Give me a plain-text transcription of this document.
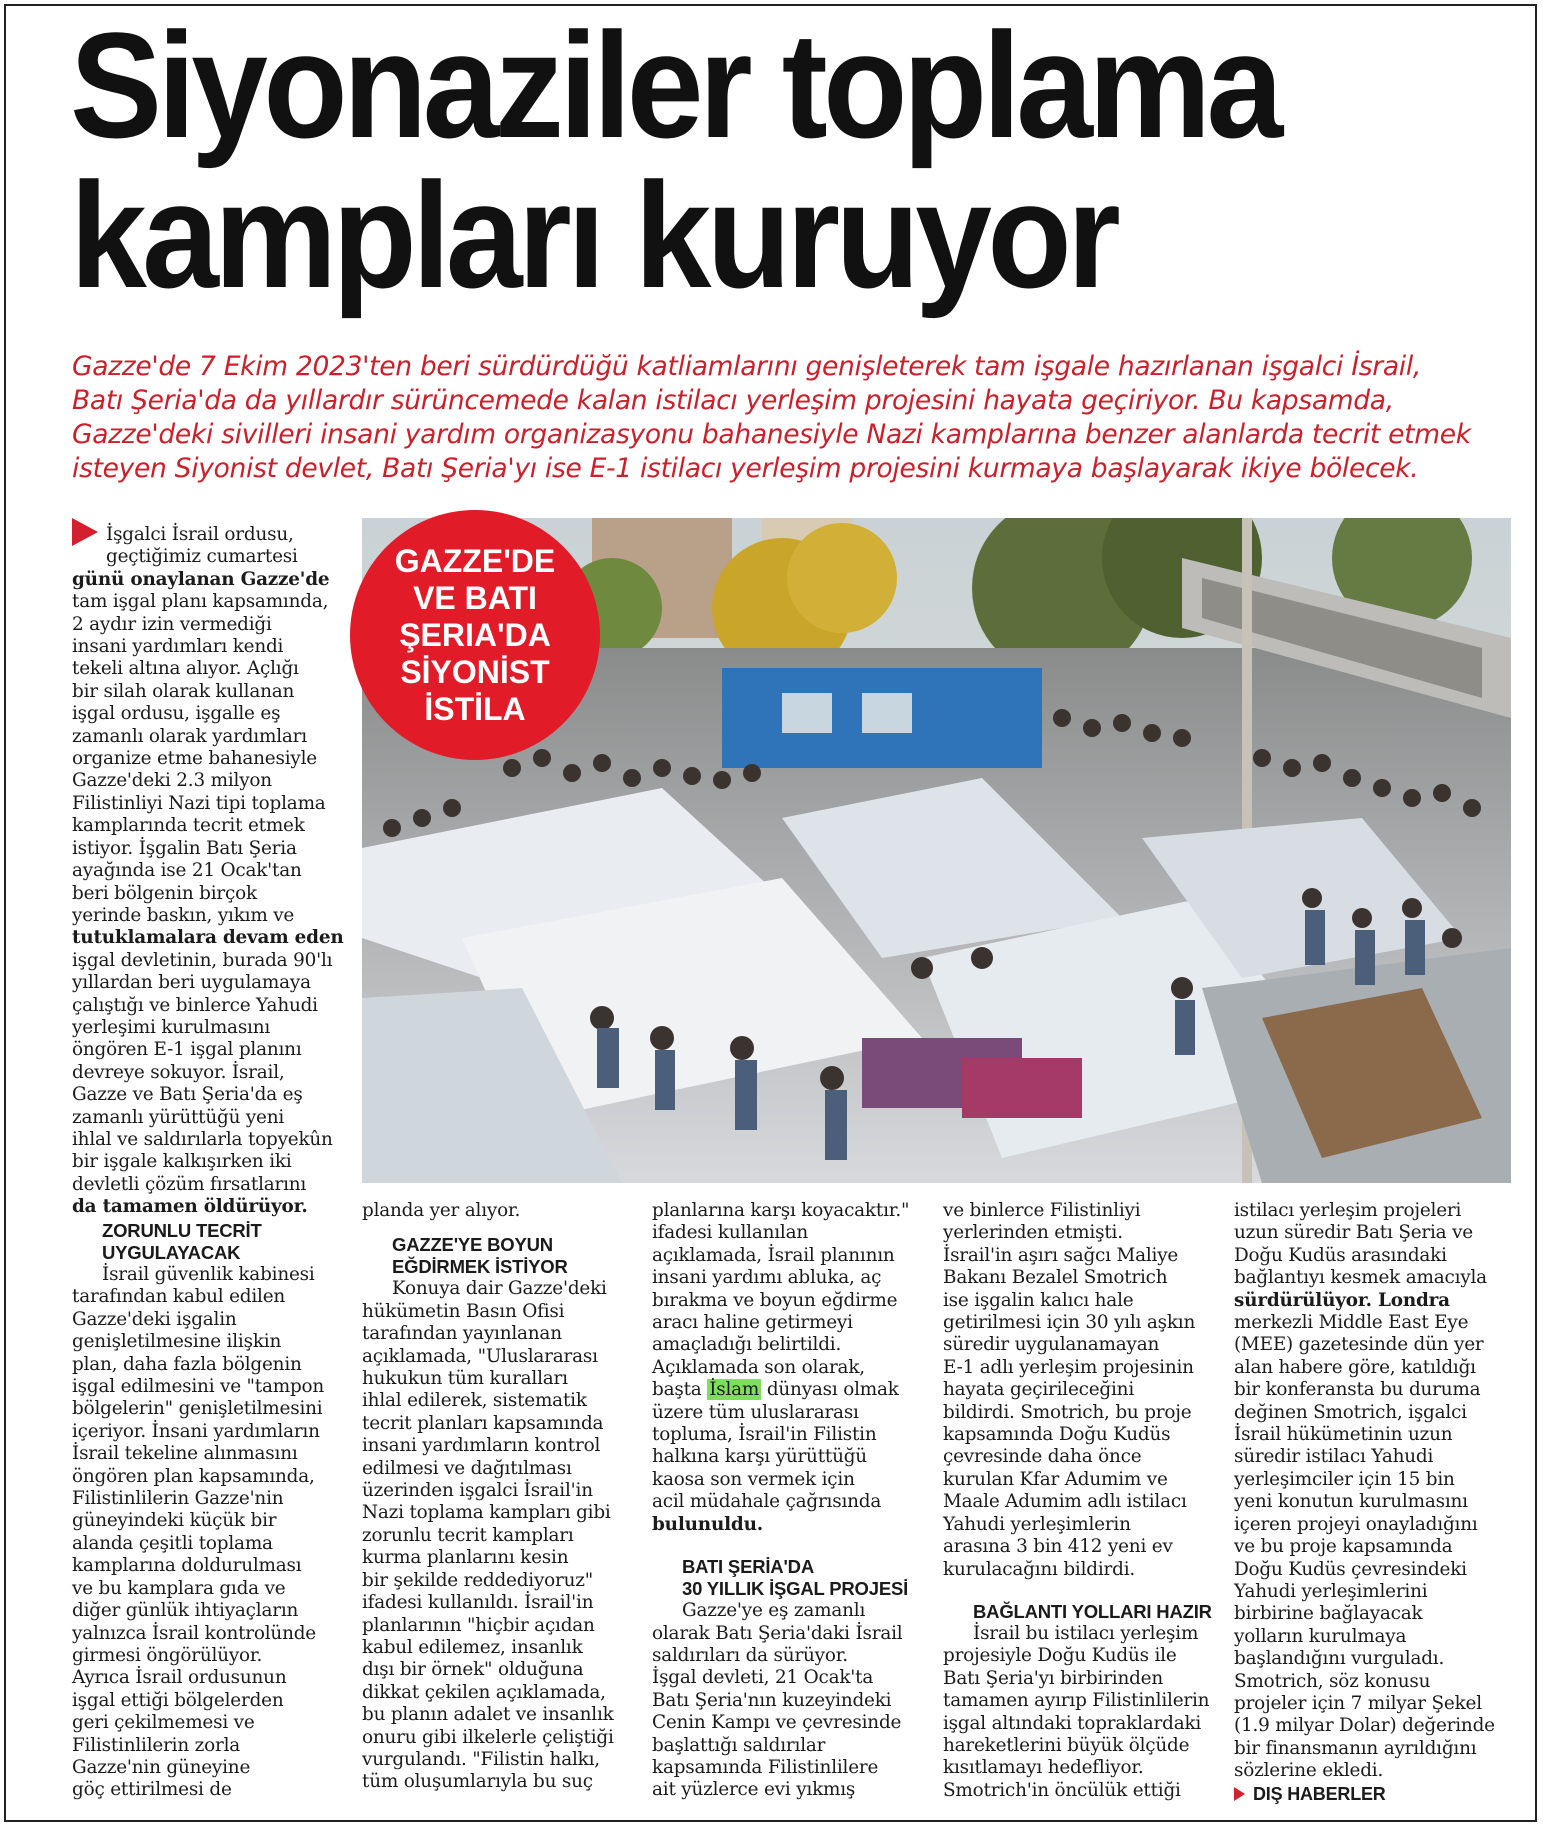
Siyonaziler toplama
kampları kuruyor
Gazze'de 7 Ekim 2023'ten beri sürdürdüğü katliamlarını genişleterek tam işgale hazırlanan işgalci İsrail,
Batı Şeria'da da yıllardır sürüncemede kalan istilacı yerleşim projesini hayata geçiriyor. Bu kapsamda,
Gazze'deki sivilleri insani yardım organizasyonu bahanesiyle Nazi kamplarına benzer alanlarda tecrit etmek
isteyen Siyonist devlet, Batı Şeria'yı ise E-1 istilacı yerleşim projesini kurmaya başlayarak ikiye bölecek.
GAZZE'DE
VE BATI
ŞERIA'DA
SİYONİST
İSTİLA

İşgalci İsrail ordusu,

geçtiğimiz cumartesi

günü onaylanan Gazze'de

tam işgal planı kapsamında,

2 aydır izin vermediği

insani yardımları kendi

tekeli altına alıyor. Açlığı

bir silah olarak kullanan

işgal ordusu, işgalle eş

zamanlı olarak yardımları

organize etme bahanesiyle

Gazze'deki 2.3 milyon

Filistinliyi Nazi tipi toplama

kamplarında tecrit etmek

istiyor. İşgalin Batı Şeria

ayağında ise 21 Ocak'tan

beri bölgenin birçok

yerinde baskın, yıkım ve

tutuklamalara devam eden

işgal devletinin, burada 90'lı

yıllardan beri uygulamaya

çalıştığı ve binlerce Yahudi

yerleşimi kurulmasını

öngören E-1 işgal planını

devreye sokuyor. İsrail,

Gazze ve Batı Şeria'da eş

zamanlı yürüttüğü yeni

ihlal ve saldırılarla topyekûn

bir işgale kalkışırken iki

devletli çözüm fırsatlarını

da tamamen öldürüyor.

ZORUNLU TECRİT

UYGULAYACAK

İsrail güvenlik kabinesi

tarafından kabul edilen

Gazze'deki işgalin

genişletilmesine ilişkin

plan, daha fazla bölgenin

işgal edilmesini ve "tampon

bölgelerin" genişletilmesini

içeriyor. İnsani yardımların

İsrail tekeline alınmasını

öngören plan kapsamında,

Filistinlilerin Gazze'nin

güneyindeki küçük bir

alanda çeşitli toplama

kamplarına doldurulması

ve bu kamplara gıda ve

diğer günlük ihtiyaçların

yalnızca İsrail kontrolünde

girmesi öngörülüyor.

Ayrıca İsrail ordusunun

işgal ettiği bölgelerden

geri çekilmemesi ve

Filistinlilerin zorla

Gazze'nin güneyine

göç ettirilmesi de

planda yer alıyor.

GAZZE'YE BOYUN

EĞDİRMEK İSTİYOR

Konuya dair Gazze'deki

hükümetin Basın Ofisi

tarafından yayınlanan

açıklamada, "Uluslararası

hukukun tüm kuralları

ihlal edilerek, sistematik

tecrit planları kapsamında

insani yardımların kontrol

edilmesi ve dağıtılması

üzerinden işgalci İsrail'in

Nazi toplama kampları gibi

zorunlu tecrit kampları

kurma planlarını kesin

bir şekilde reddediyoruz"

ifadesi kullanıldı. İsrail'in

planlarının "hiçbir açıdan

kabul edilemez, insanlık

dışı bir örnek" olduğuna

dikkat çekilen açıklamada,

bu planın adalet ve insanlık

onuru gibi ilkelerle çeliştiği

vurgulandı. "Filistin halkı,

tüm oluşumlarıyla bu suç

planlarına karşı koyacaktır."

ifadesi kullanılan

açıklamada, İsrail planının

insani yardımı abluka, aç

bırakma ve boyun eğdirme

aracı haline getirmeyi

amaçladığı belirtildi.

Açıklamada son olarak,

başta İslam dünyası olmak

üzere tüm uluslararası

topluma, İsrail'in Filistin

halkına karşı yürüttüğü

kaosa son vermek için

acil müdahale çağrısında

bulunuldu.

BATI ŞERİA'DA

30 YILLIK İŞGAL PROJESİ

Gazze'ye eş zamanlı

olarak Batı Şeria'daki İsrail

saldırıları da sürüyor.

İşgal devleti, 21 Ocak'ta

Batı Şeria'nın kuzeyindeki

Cenin Kampı ve çevresinde

başlattığı saldırılar

kapsamında Filistinlilere

ait yüzlerce evi yıkmış

ve binlerce Filistinliyi

yerlerinden etmişti.

İsrail'in aşırı sağcı Maliye

Bakanı Bezalel Smotrich

ise işgalin kalıcı hale

getirilmesi için 30 yılı aşkın

süredir uygulanamayan

E-1 adlı yerleşim projesinin

hayata geçirileceğini

bildirdi. Smotrich, bu proje

kapsamında Doğu Kudüs

çevresinde daha önce

kurulan Kfar Adumim ve

Maale Adumim adlı istilacı

Yahudi yerleşimlerin

arasına 3 bin 412 yeni ev

kurulacağını bildirdi.

BAĞLANTI YOLLARI HAZIR

İsrail bu istilacı yerleşim

projesiyle Doğu Kudüs ile

Batı Şeria'yı birbirinden

tamamen ayırıp Filistinlilerin

işgal altındaki topraklardaki

hareketlerini büyük ölçüde

kısıtlamayı hedefliyor.

Smotrich'in öncülük ettiği

istilacı yerleşim projeleri

uzun süredir Batı Şeria ve

Doğu Kudüs arasındaki

bağlantıyı kesmek amacıyla

sürdürülüyor. Londra

merkezli Middle East Eye

(MEE) gazetesinde dün yer

alan habere göre, katıldığı

bir konferansta bu duruma

değinen Smotrich, işgalci

İsrail hükümetinin uzun

süredir istilacı Yahudi

yerleşimciler için 15 bin

yeni konutun kurulmasını

içeren projeyi onayladığını

ve bu proje kapsamında

Doğu Kudüs çevresindeki

Yahudi yerleşimlerini

birbirine bağlayacak

yolların kurulmaya

başlandığını vurguladı.

Smotrich, söz konusu

projeler için 7 milyar Şekel

(1.9 milyar Dolar) değerinde

bir finansmanın ayrıldığını

sözlerine ekledi.

DIŞ HABERLER
